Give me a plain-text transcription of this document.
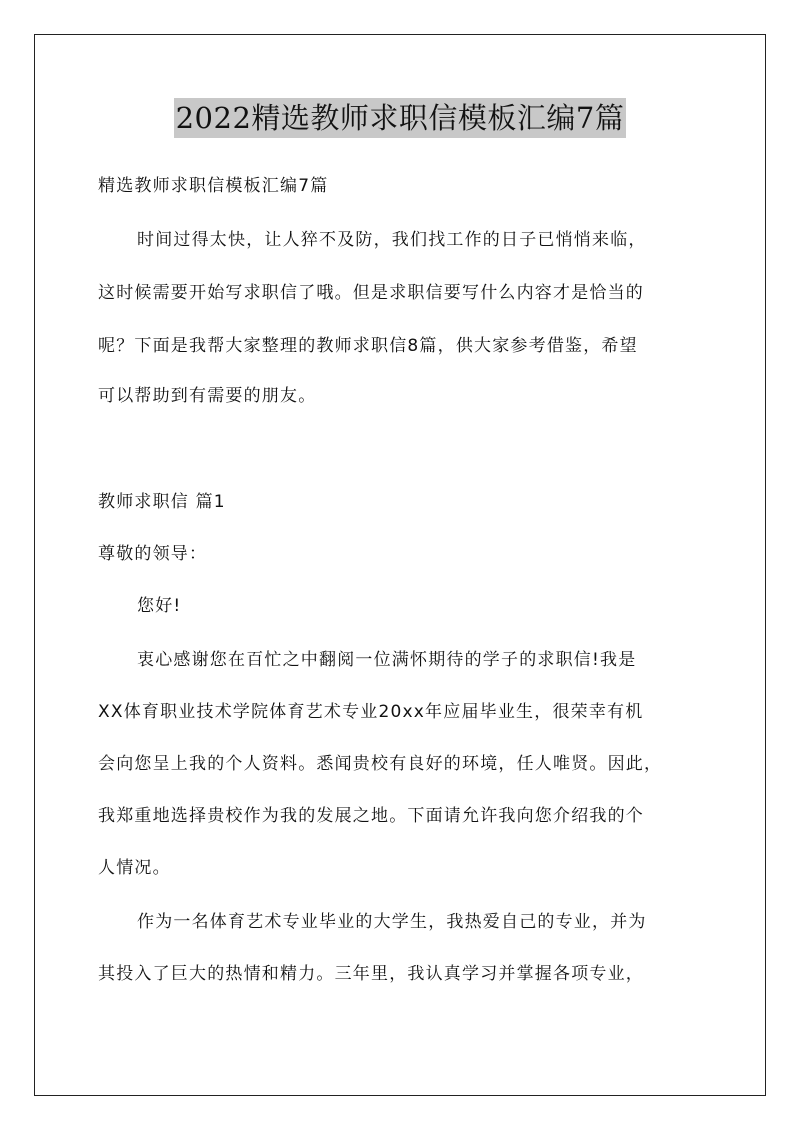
2022精选教师求职信模板汇编7篇
精选教师求职信模板汇编7篇
时间过得太快，让人猝不及防，我们找工作的日子已悄悄来临，
这时候需要开始写求职信了哦。但是求职信要写什么内容才是恰当的
呢？下面是我帮大家整理的教师求职信8篇，供大家参考借鉴，希望
可以帮助到有需要的朋友。
教师求职信 篇1
尊敬的领导：
您好!
衷心感谢您在百忙之中翻阅一位满怀期待的学子的求职信!我是
XX体育职业技术学院体育艺术专业20xx年应届毕业生，很荣幸有机
会向您呈上我的个人资料。悉闻贵校有良好的环境，任人唯贤。因此，
我郑重地选择贵校作为我的发展之地。下面请允许我向您介绍我的个
人情况。
作为一名体育艺术专业毕业的大学生，我热爱自己的专业，并为
其投入了巨大的热情和精力。三年里，我认真学习并掌握各项专业，
